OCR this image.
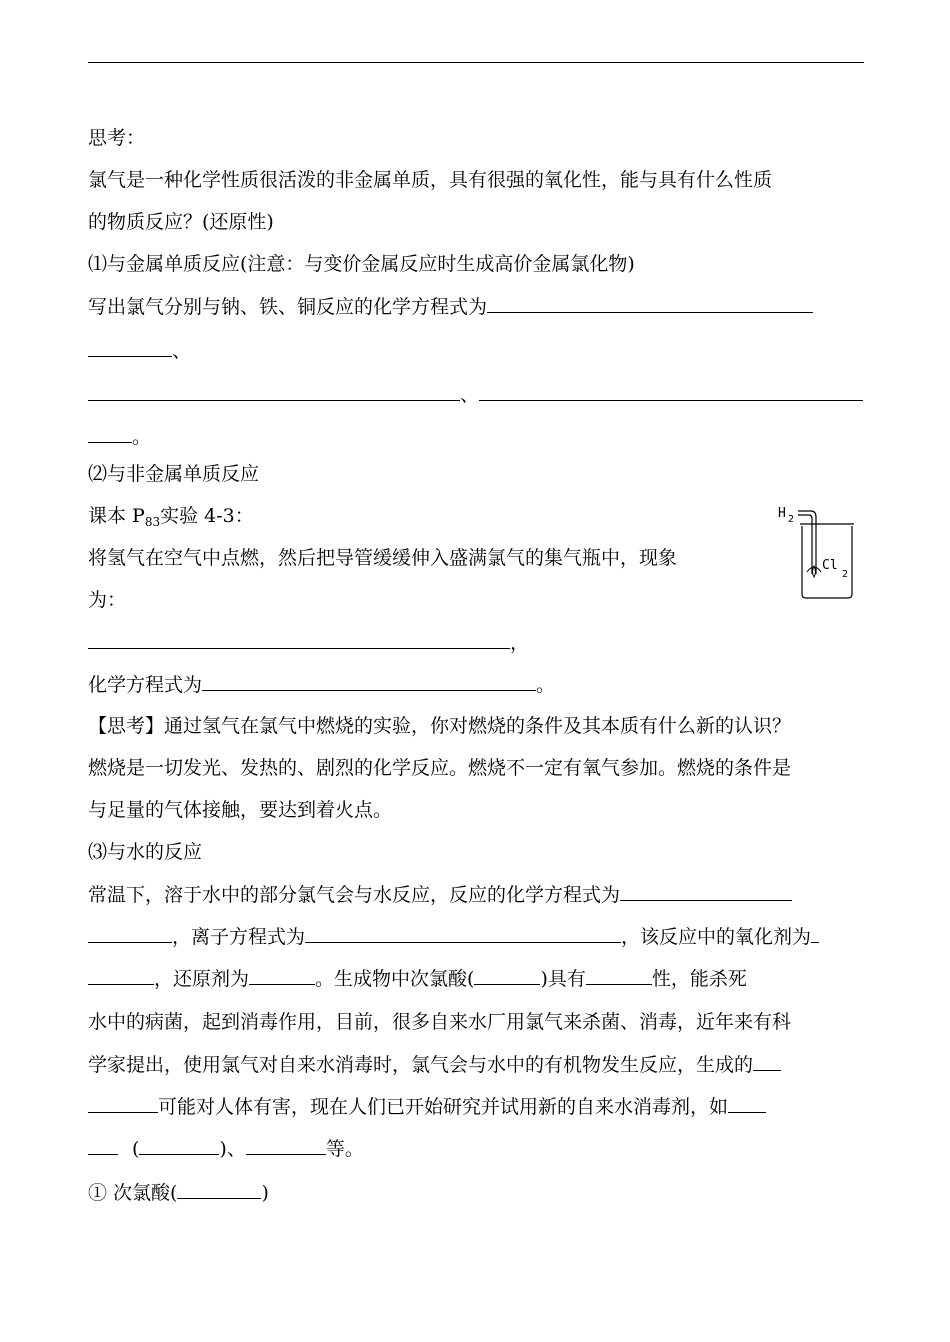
思考：
氯气是一种化学性质很活泼的非金属单质，具有很强的氧化性，能与具有什么性质
的物质反应？(还原性)
⑴与金属单质反应(注意：与变价金属反应时生成高价金属氯化物)
写出氯气分别与钠、铁、铜反应的化学方程式为
、
、
。
⑵与非金属单质反应
课本 $P_{83}$实验 4-3：
将氢气在空气中点燃，然后把导管缓缓伸入盛满氯气的集气瓶中，现象
为：
，
化学方程式为	。
【思考】通过氢气在氯气中燃烧的实验，你对燃烧的条件及其本质有什么新的认识？
燃烧是一切发光、发热的、剧烈的化学反应。燃烧不一定有氧气参加。燃烧的条件是
与足量的气体接触，要达到着火点。
⑶与水的反应
常温下，溶于水中的部分氯气会与水反应，反应的化学方程式为
，离子方程式为	，该反应中的氧化剂为
，还原剂为	。生成物中次氯酸(	)具有	性，能杀死
水中的病菌，起到消毒作用，目前，很多自来水厂用氯气来杀菌、消毒，近年来有科
学家提出，使用氯气对自来水消毒时，氯气会与水中的有机物发生反应，生成的
可能对人体有害，现在人们已开始研究并试用新的自来水消毒剂，如
(	)、	等。
① 次氯酸(	)
H 2
Cl
2
